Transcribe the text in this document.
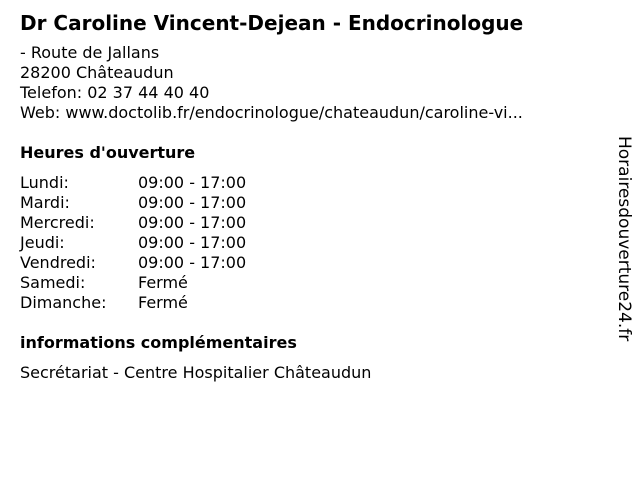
Dr Caroline Vincent-Dejean - Endocrinologue
- Route de Jallans
28200 Châteaudun
Telefon: 02 37 44 40 40
Web: www.doctolib.fr/endocrinologue/chateaudun/caroline-vi...
Heures d'ouverture
Lundi:	09:00 - 17:00
Mardi:	09:00 - 17:00
Mercredi:	09:00 - 17:00
Jeudi:	09:00 - 17:00
Vendredi:	09:00 - 17:00
Samedi:	Fermé
Dimanche:	Fermé
informations complémentaires
Secrétariat - Centre Hospitalier Châteaudun
Horairesdouverture24.fr
